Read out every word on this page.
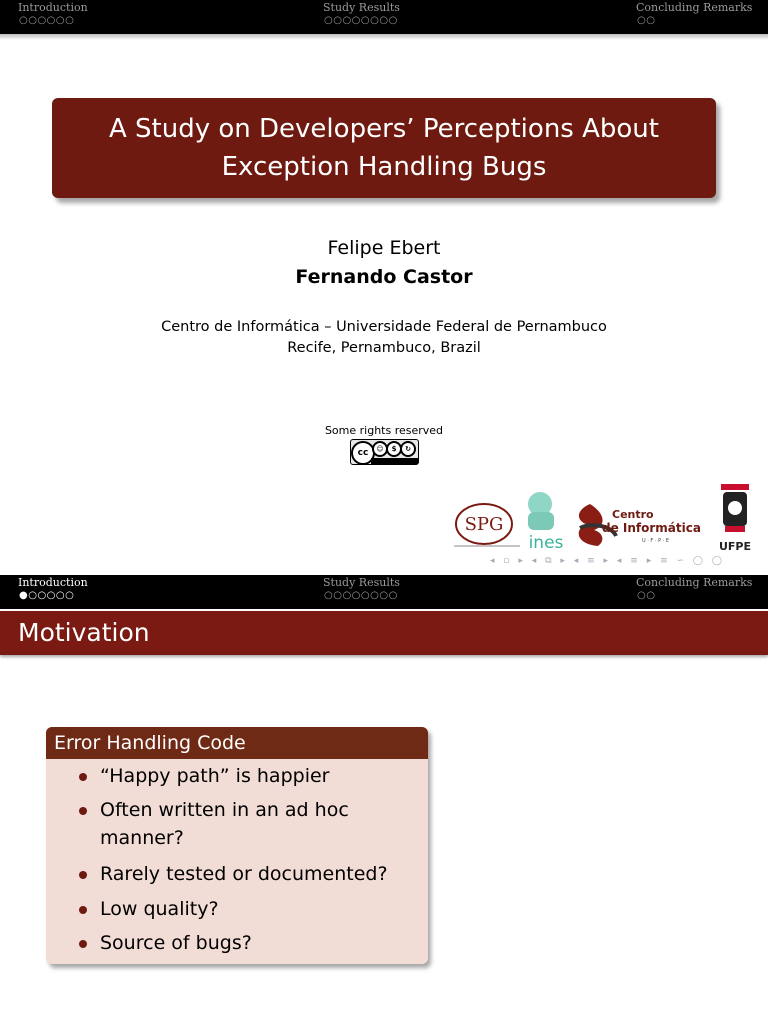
Introduction
○○○○○○
Study Results
○○○○○○○○
Concluding Remarks
○○
A Study on Developers’ Perceptions About Exception Handling Bugs
Felipe Ebert
Fernando Castor
Centro de Informática – Universidade Federal de Pernambuco
Recife, Pernambuco, Brazil
Some rights reserved
cc	☺	$	↻
SPG
ines
Centro
de Informática
U · F · P · E	UFPE
◂ ▫ ▸ ◂ ⧉ ▸ ◂ ≡ ▸ ◂ ≡ ▸ ≡ ∽ ◯ ◯
Introduction
●○○○○○
Study Results
○○○○○○○○
Concluding Remarks
○○
Motivation
Error Handling Code
“Happy path” is happier
Often written in an ad hoc manner?
Rarely tested or documented?
Low quality?
Source of bugs?
